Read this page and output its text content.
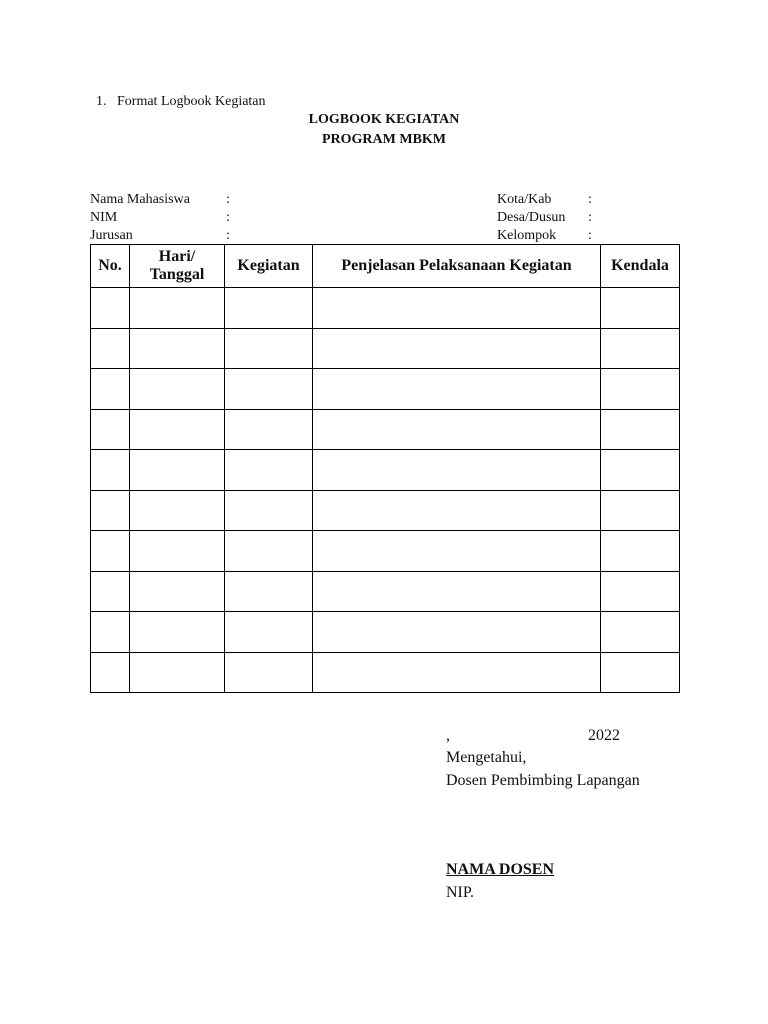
1. Format Logbook Kegiatan
LOGBOOK KEGIATAN
PROGRAM MBKM
Nama Mahasiswa	:
NIM	:
Jurusan	:
Kota/Kab	:
Desa/Dusun :
Kelompok :
No.	Hari/ Tanggal	Kegiatan	Penjelasan Pelaksanaan Kegiatan	Kendala

,	2022
Mengetahui,
Dosen Pembimbing Lapangan
NAMA DOSEN
NIP.
